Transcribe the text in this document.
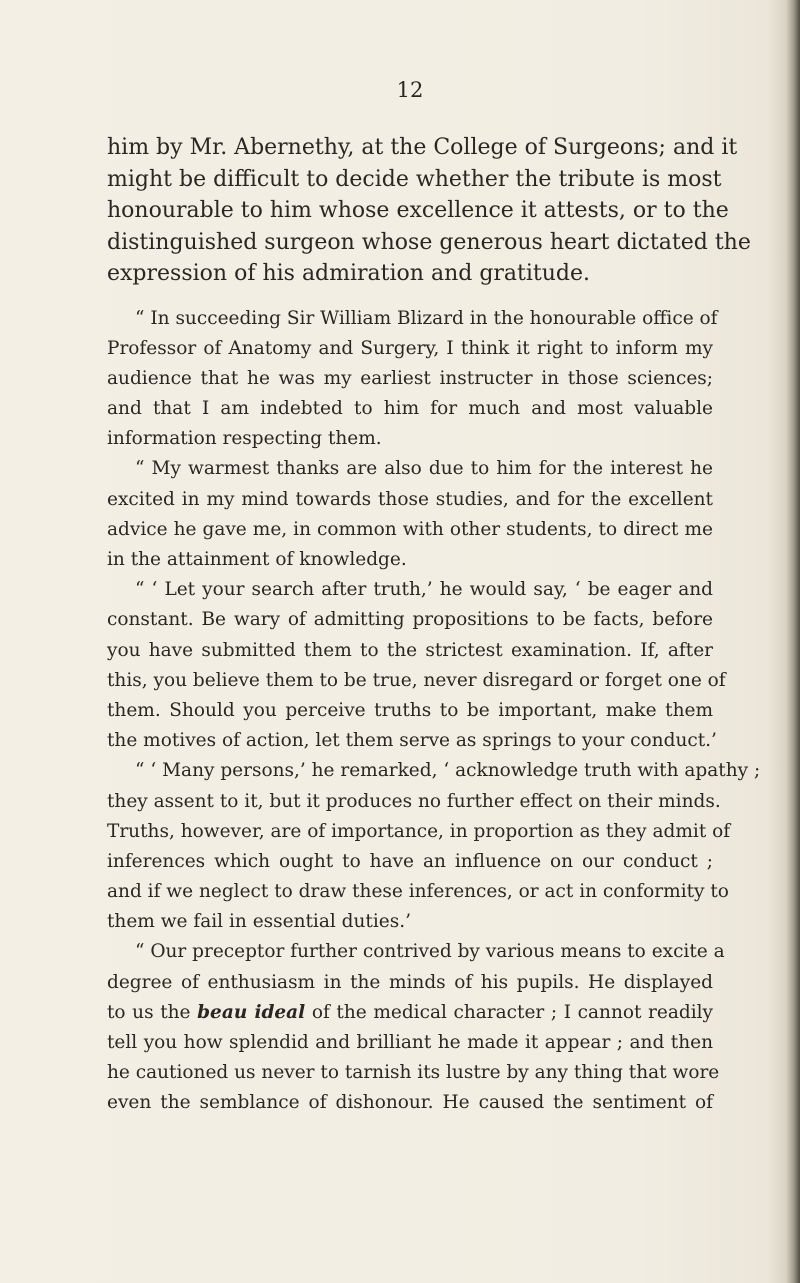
12
him by Mr. Abernethy, at the College of Surgeons; and it
might be difficult to decide whether the tribute is most
honourable to him whose excellence it attests, or to the
distinguished surgeon whose generous heart dictated the
expression of his admiration and gratitude.
“ In succeeding Sir William Blizard in the honourable office of
Professor of Anatomy and Surgery, I think it right to inform my
audience that he was my earliest instructer in those sciences;
and that I am indebted to him for much and most valuable
information respecting them.
“ My warmest thanks are also due to him for the interest he
excited in my mind towards those studies, and for the excellent
advice he gave me, in common with other students, to direct me
in the attainment of knowledge.
“ ‘ Let your search after truth,’ he would say, ‘ be eager and
constant. Be wary of admitting propositions to be facts, before
you have submitted them to the strictest examination. If, after
this, you believe them to be true, never disregard or forget one of
them. Should you perceive truths to be important, make them
the motives of action, let them serve as springs to your conduct.’
“ ‘ Many persons,’ he remarked, ‘ acknowledge truth with apathy ;
they assent to it, but it produces no further effect on their minds.
Truths, however, are of importance, in proportion as they admit of
inferences which ought to have an influence on our conduct ;
and if we neglect to draw these inferences, or act in conformity to
them we fail in essential duties.’
“ Our preceptor further contrived by various means to excite a
degree of enthusiasm in the minds of his pupils. He displayed
to us the beau ideal of the medical character ; I cannot readily
tell you how splendid and brilliant he made it appear ; and then
he cautioned us never to tarnish its lustre by any thing that wore
even the semblance of dishonour. He caused the sentiment of
